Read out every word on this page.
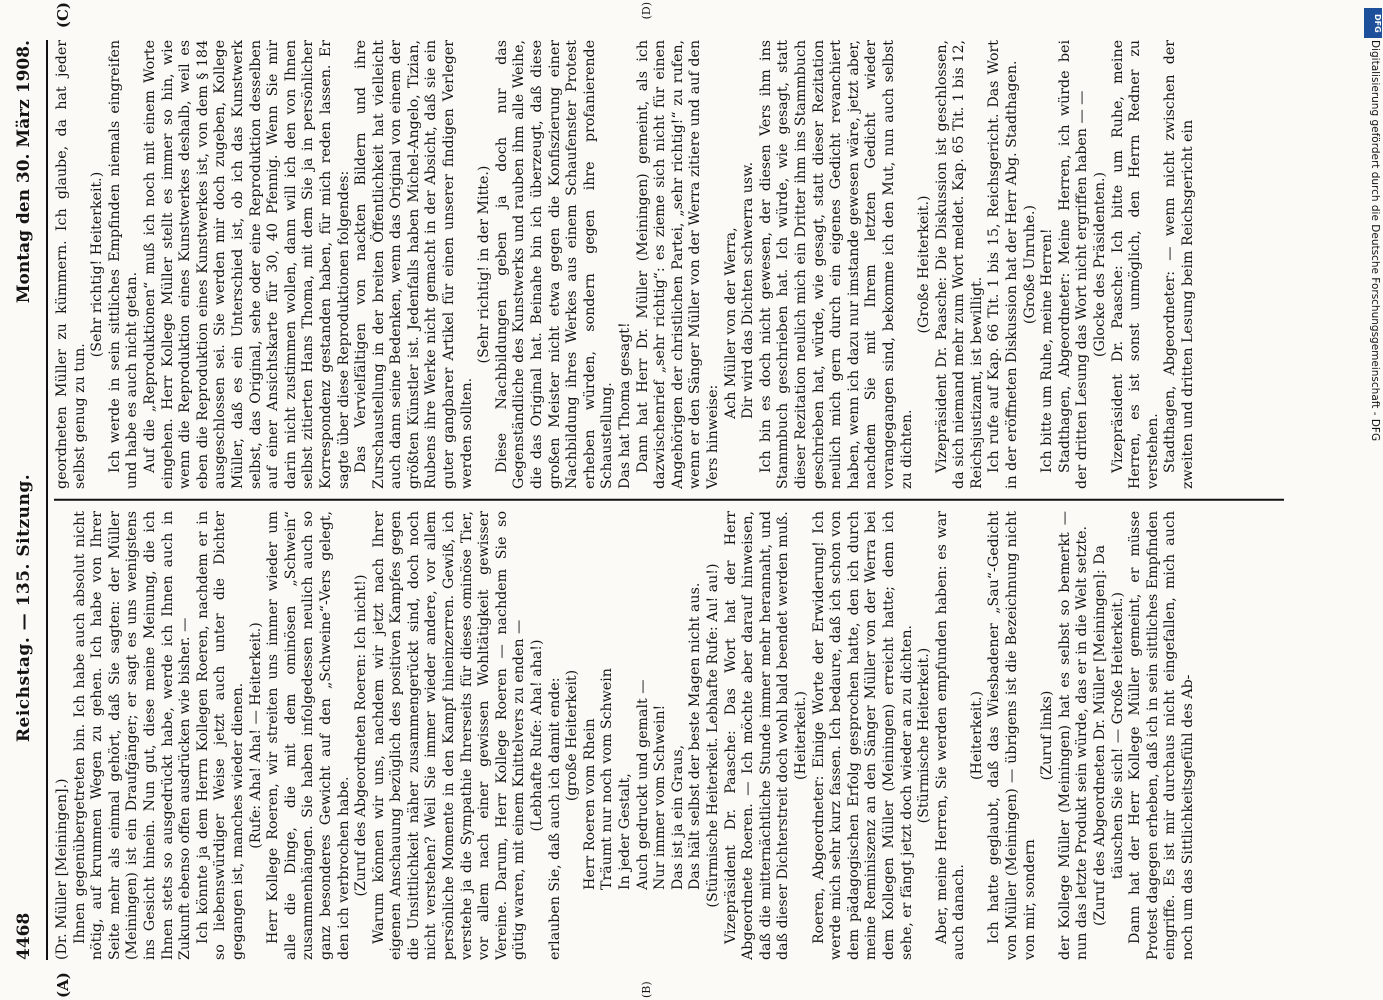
4468
Reichstag. — 135. Sitzung.
Montag den 30. März 1908.

(Dr. Müller [Meiningen].) Ihnen gegenübergetreten bin. Ich habe auch absolut nicht nötig, auf krummen Wegen zu gehen. Ich habe von Ihrer Seite mehr als einmal gehört, daß Sie sagten: der Müller (Meiningen) ist ein Draufgänger; er sagt es uns wenigstens ins Gesicht hinein. Nun gut, diese meine Meinung, die ich Ihnen stets so ausgedrückt habe, werde ich Ihnen auch in Zukunft ebenso offen ausdrücken wie bisher. — Ich könnte ja dem Herrn Kollegen Roeren, nachdem er in so liebenswürdiger Weise jetzt auch unter die Dichter gegangen ist, manches wieder dienen. (Rufe: Aha! Aha! — Heiterkeit.) Herr Kollege Roeren, wir streiten uns immer wieder um alle die Dinge, die mit dem ominösen „Schwein“ zusammenhängen. Sie haben infolgedessen neulich auch so ganz besonderes Gewicht auf den „Schweine“-Vers gelegt, den ich verbrochen habe. (Zuruf des Abgeordneten Roeren: Ich nicht!) Warum können wir uns, nachdem wir jetzt nach Ihrer eigenen Anschauung bezüglich des positiven Kampfes gegen die Unsittlichkeit näher zusammengerückt sind, doch noch nicht verstehen? Weil Sie immer wieder andere, vor allem persönliche Momente in den Kampf hineinzerren. Gewiß, ich verstehe ja die Sympathie Ihrerseits für dieses ominöse Tier, vor allem nach einer gewissen Wohltätigkeit gewisser Vereine. Darum, Herr Kollege Roeren — nachdem Sie so gütig waren, mit einem Knittelvers zu enden — (Lebhafte Rufe: Aha! aha!) erlauben Sie, daß auch ich damit ende: (große Heiterkeit) Herr Roeren vom Rhein Träumt nur noch vom Schwein In jeder Gestalt, Auch gedruckt und gemalt — Nur immer vom Schwein! Das ist ja ein Graus, Das hält selbst der beste Magen nicht aus. (Stürmische Heiterkeit. Lebhafte Rufe: Au! au!) Vizepräsident Dr. Paasche: Das Wort hat der Herr Abgeordnete Roeren. — Ich möchte aber darauf hinweisen, daß die mitternächtliche Stunde immer mehr herannaht, und daß dieser Dichterstreit doch wohl bald beendet werden muß. (Heiterkeit.) Roeren, Abgeordneter: Einige Worte der Erwiderung! Ich werde mich sehr kurz fassen. Ich bedaure, daß ich schon von dem pädagogischen Erfolg gesprochen hatte, den ich durch meine Reminiszenz an den Sänger Müller von der Werra bei dem Kollegen Müller (Meiningen) erreicht hatte; denn ich sehe, er fängt jetzt doch wieder an zu dichten. (Stürmische Heiterkeit.) Aber, meine Herren, Sie werden empfunden haben: es war auch danach.

(Heiterkeit.) Ich hatte geglaubt, daß das Wiesbadener „Sau“-Gedicht von Müller (Meiningen) — übrigens ist die Bezeichnung nicht von mir, sondern

(Zuruf links) der Kollege Müller (Meiningen) hat es selbst so bemerkt — nun das letzte Produkt sein würde, das er in die Welt setzte. (Zuruf des Abgeordneten Dr. Müller [Meiningen]: Da täuschen Sie sich! — Große Heiterkeit.) Dann hat der Herr Kollege Müller gemeint, er müsse Protest dagegen erheben, daß ich in sein sittliches Empfinden eingriffe. Es ist mir durchaus nicht eingefallen, mich auch noch um das Sittlichkeitsgefühl des Ab-

geordneten Müller zu kümmern. Ich glaube, da hat jeder selbst genug zu tun.

(Sehr richtig! Heiterkeit.) Ich werde in sein sittliches Empfinden niemals eingreifen und habe es auch nicht getan. Auf die „Reproduktionen“ muß ich noch mit einem Worte eingehen. Herr Kollege Müller stellt es immer so hin, wie wenn die Reproduktion eines Kunstwerkes deshalb, weil es eben die Reproduktion eines Kunstwerkes ist, von dem § 184 ausgeschlossen sei. Sie werden mir doch zugeben, Kollege Müller, daß es ein Unterschied ist, ob ich das Kunstwerk selbst, das Original, sehe oder eine Reproduktion desselben auf einer Ansichtskarte für 30, 40 Pfennig. Wenn Sie mir darin nicht zustimmen wollen, dann will ich den von Ihnen selbst zitierten Hans Thoma, mit dem Sie ja in persönlicher Korrespondenz gestanden haben, für mich reden lassen. Er sagte über diese Reproduktionen folgendes: Das Vervielfältigen von nackten Bildern und ihre Zurschaustellung in der breiten Öffentlichkeit hat vielleicht auch dann seine Bedenken, wenn das Original von einem der größten Künstler ist. Jedenfalls haben Michel-Angelo, Tizian, Rubens ihre Werke nicht gemacht in der Absicht, daß sie ein guter gangbarer Artikel für einen unserer findigen Verleger werden sollten.

(Sehr richtig! in der Mitte.) Diese Nachbildungen geben ja doch nur das Gegenständliche des Kunstwerks und rauben ihm alle Weihe, die das Original hat. Beinahe bin ich überzeugt, daß diese großen Meister nicht etwa gegen die Konfiszierung einer Nachbildung ihres Werkes aus einem Schaufenster Protest erheben würden, sondern gegen ihre profanierende Schaustellung. Das hat Thoma gesagt! Dann hat Herr Dr. Müller (Meiningen) gemeint, als ich dazwischenrief „sehr richtig“: es zieme sich nicht für einen Angehörigen der christlichen Partei, „sehr richtig!“ zu rufen, wenn er den Sänger Müller von der Werra zitiere und auf den Vers hinweise:

Ach Müller von der Werra, Dir wird das Dichten schwerra usw. Ich bin es doch nicht gewesen, der diesen Vers ihm ins Stammbuch geschrieben hat. Ich würde, wie gesagt, statt dieser Rezitation neulich mich ein Dritter ihm ins Stammbuch geschrieben hat, würde, wie gesagt, statt dieser Rezitation neulich mich gern durch ein eigenes Gedicht revanchiert haben, wenn ich dazu nur imstande gewesen wäre, jetzt aber, nachdem Sie mit Ihrem letzten Gedicht wieder vorangegangen sind, bekomme ich den Mut, nun auch selbst zu dichten.

(Große Heiterkeit.) Vizepräsident Dr. Paasche: Die Diskussion ist geschlossen, da sich niemand mehr zum Wort meldet. Kap. 65 Tit. 1 bis 12, Reichsjustizamt, ist bewilligt. Ich rufe auf Kap. 66 Tit. 1 bis 15, Reichsgericht. Das Wort in der eröffneten Diskussion hat der Herr Abg. Stadthagen. (Große Unruhe.) Ich bitte um Ruhe, meine Herren! Stadthagen, Abgeordneter: Meine Herren, ich würde bei der dritten Lesung das Wort nicht ergriffen haben — — (Glocke des Präsidenten.) Vizepräsident Dr. Paasche: Ich bitte um Ruhe, meine Herren, es ist sonst unmöglich, den Herrn Redner zu verstehen. Stadthagen, Abgeordneter: — wenn nicht zwischen der zweiten und dritten Lesung beim Reichsgericht ein

(A)	(B)
(C)	(D)
Digitalisierung gefördert durch die Deutsche Forschungsgemeinschaft - DFG
DFG
